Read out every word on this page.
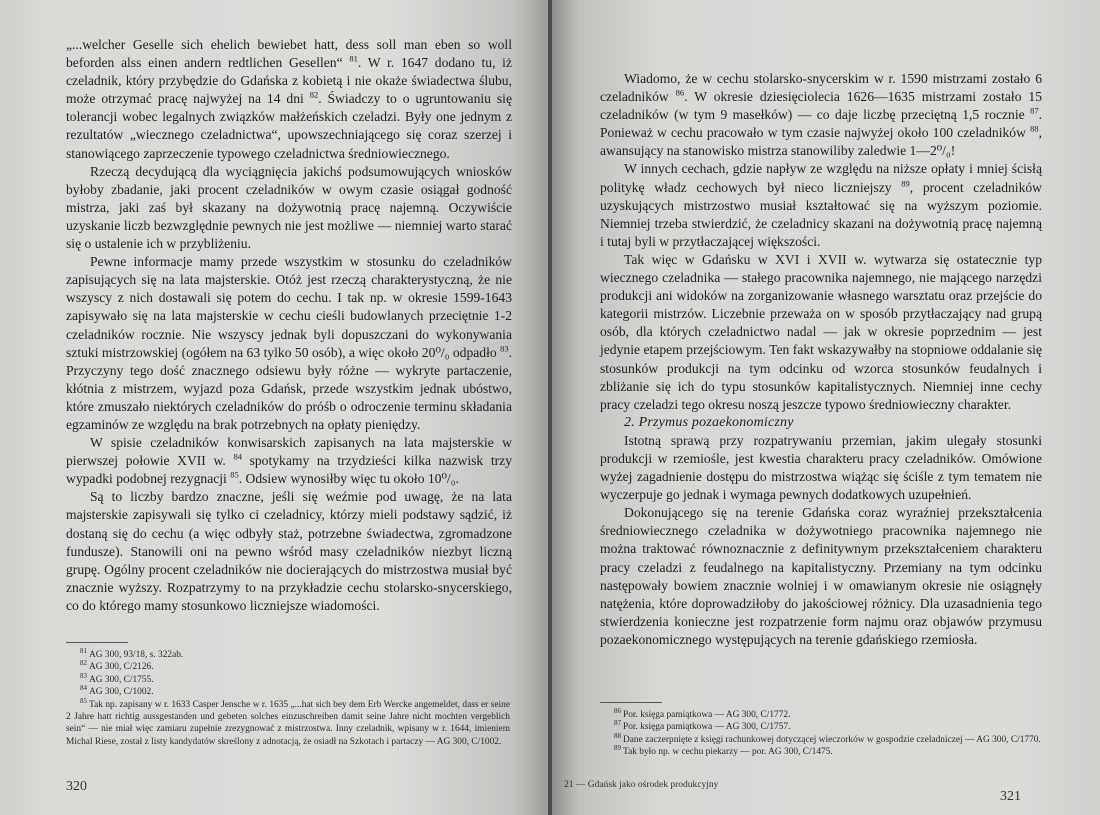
„...welcher Geselle sich ehelich bewiebet hatt, dess soll man eben so woll beforden alss einen andern redtlichen Gesellen“ $^{81}$. W r. 1647 dodano tu, iż czeladnik, który przybędzie do Gdańska z kobietą i nie okaże świadectwa ślubu, może otrzymać pracę najwyżej na 14 dni $^{82}$. Świadczy to o ugruntowaniu się tolerancji wobec legalnych związków małżeńskich czeladzi. Były one jednym z rezultatów „wiecznego czeladnictwa“, upowszechniającego się coraz szerzej i stanowiącego zaprzeczenie typowego czeladnictwa średniowiecznego.

Rzeczą decydującą dla wyciągnięcia jakichś podsumowujących wniosków byłoby zbadanie, jaki procent czeladników w owym czasie osiągał godność mistrza, jaki zaś był skazany na dożywotnią pracę najemną. Oczywiście uzyskanie liczb bezwzględnie pewnych nie jest możliwe — niemniej warto starać się o ustalenie ich w przybliżeniu.

Pewne informacje mamy przede wszystkim w stosunku do czeladników zapisujących się na lata majsterskie. Otóż jest rzeczą charakterystyczną, że nie wszyscy z nich dostawali się potem do cechu. I tak np. w okresie 1599-1643 zapisywało się na lata majsterskie w cechu cieśli budowlanych przeciętnie 1-2 czeladników rocznie. Nie wszyscy jednak byli dopuszczani do wykonywania sztuki mistrzowskiej (ogółem na 63 tylko 50 osób), a więc około 20⁰/₀ odpadło $^{83}$. Przyczyny tego dość znacznego odsiewu były różne — wykryte partaczenie, kłótnia z mistrzem, wyjazd poza Gdańsk, przede wszystkim jednak ubóstwo, które zmuszało niektórych czeladników do próśb o odroczenie terminu składania egzaminów ze względu na brak potrzebnych na opłaty pieniędzy.

W spisie czeladników konwisarskich zapisanych na lata majsterskie w pierwszej połowie XVII w. $^{84}$ spotykamy na trzydzieści kilka nazwisk trzy wypadki podobnej rezygnacji $^{85}$. Odsiew wynosiłby więc tu około 10⁰/₀.

Są to liczby bardzo znaczne, jeśli się weźmie pod uwagę, że na lata majsterskie zapisywali się tylko ci czeladnicy, którzy mieli podstawy sądzić, iż dostaną się do cechu (a więc odbyły staż, potrzebne świadectwa, zgromadzone fundusze). Stanowili oni na pewno wśród masy czeladników niezbyt liczną grupę. Ogólny procent czeladników nie docierających do mistrzostwa musiał być znacznie wyższy. Rozpatrzymy to na przykładzie cechu stolarsko-snycerskiego, co do którego mamy stosunkowo liczniejsze wiadomości.

$^{81}$ AG 300, 93/18, s. 322ab.

$^{82}$ AG 300, C/2126.

$^{83}$ AG 300, C/1755.

$^{84}$ AG 300, C/1002.

$^{85}$ Tak np. zapisany w r. 1633 Casper Jensche w r. 1635 „...hat sich bey dem Erb Wercke angemeldet, dass er seine 2 Jahre hatt richtig aussgestanden und gebeten solches einzuschreiben damit seine Jahre nicht mochten vergeblich sein“ — nie miał więc zamiaru zupełnie zrezygnować z mistrzostwa. Inny czeladnik, wpisany w r. 1644, imieniem Michal Riese, został z listy kandydatów skreślony z adnotacją, że osiadł na Szkotach i partaczy — AG 300, C/1002.

320

Wiadomo, że w cechu stolarsko-snycerskim w r. 1590 mistrzami zostało 6 czeladników $^{86}$. W okresie dziesięciolecia 1626—1635 mistrzami zostało 15 czeladników (w tym 9 masełków) — co daje liczbę przeciętną 1,5 rocznie $^{87}$. Ponieważ w cechu pracowało w tym czasie najwyżej około 100 czeladników $^{88}$, awansujący na stanowisko mistrza stanowiliby zaledwie 1—2⁰/₀!

W innych cechach, gdzie napływ ze względu na niższe opłaty i mniej ścisłą politykę władz cechowych był nieco liczniejszy $^{89}$, procent czeladników uzyskujących mistrzostwo musiał kształtować się na wyższym poziomie. Niemniej trzeba stwierdzić, że czeladnicy skazani na dożywotnią pracę najemną i tutaj byli w przytłaczającej większości.

Tak więc w Gdańsku w XVI i XVII w. wytwarza się ostatecznie typ wiecznego czeladnika — stałego pracownika najemnego, nie mającego narzędzi produkcji ani widoków na zorganizowanie własnego warsztatu oraz przejście do kategorii mistrzów. Liczebnie przeważa on w sposób przytłaczający nad grupą osób, dla których czeladnictwo nadal — jak w okresie poprzednim — jest jedynie etapem przejściowym. Ten fakt wskazywałby na stopniowe oddalanie się stosunków produkcji na tym odcinku od wzorca stosunków feudalnych i zbliżanie się ich do typu stosunków kapitalistycznych. Niemniej inne cechy pracy czeladzi tego okresu noszą jeszcze typowo średniowieczny charakter.

2. Przymus pozaekonomiczny

Istotną sprawą przy rozpatrywaniu przemian, jakim ulegały stosunki produkcji w rzemiośle, jest kwestia charakteru pracy czeladników. Omówione wyżej zagadnienie dostępu do mistrzostwa wiążąc się ściśle z tym tematem nie wyczerpuje go jednak i wymaga pewnych dodatkowych uzupełnień.

Dokonującego się na terenie Gdańska coraz wyraźniej przekształcenia średniowiecznego czeladnika w dożywotniego pracownika najemnego nie można traktować równoznacznie z definitywnym przekształceniem charakteru pracy czeladzi z feudalnego na kapitalistyczny. Przemiany na tym odcinku następowały bowiem znacznie wolniej i w omawianym okresie nie osiągnęły natężenia, które doprowadziłoby do jakościowej różnicy. Dla uzasadnienia tego stwierdzenia konieczne jest rozpatrzenie form najmu oraz objawów przymusu pozaekonomicznego występujących na terenie gdańskiego rzemiosła.

$^{86}$ Por. księga pamiątkowa — AG 300, C/1772.

$^{87}$ Por. księga pamiątkowa — AG 300, C/1757.

$^{88}$ Dane zaczerpnięte z księgi rachunkowej dotyczącej wieczorków w gospodzie czeladniczej — AG 300, C/1770.

$^{89}$ Tak było np. w cechu piekarzy — por. AG 300, C/1475.

21 — Gdańsk jako ośrodek produkcyjny
321
